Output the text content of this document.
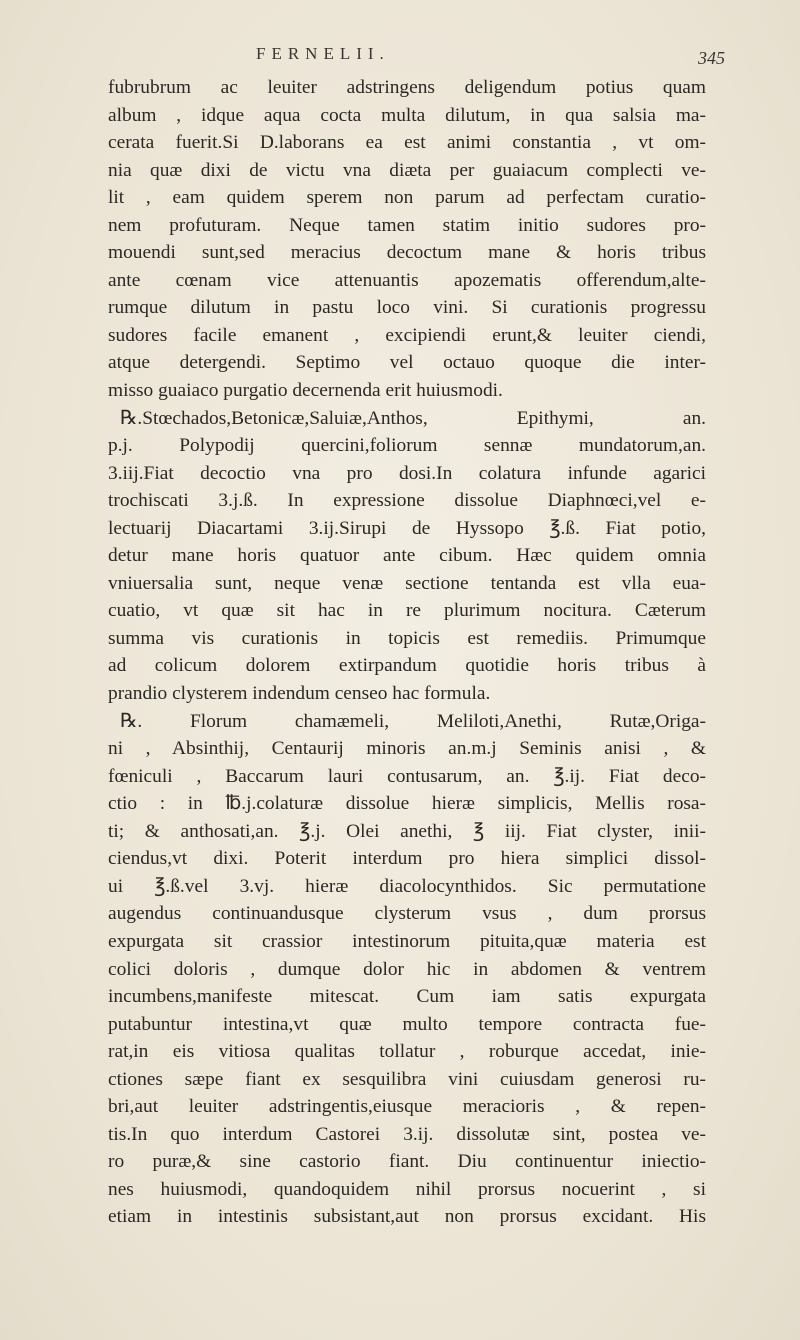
FERNELII.	345
fubrubrum ac leuiter adstringens deligendum potius quam
album , idque aqua cocta multa dilutum, in qua salsia ma-
cerata fuerit.Si D.laborans ea est animi constantia , vt om-
nia quæ dixi de victu vna diæta per guaiacum complecti ve-
lit , eam quidem sperem non parum ad perfectam curatio-
nem profuturam. Neque tamen statim initio sudores pro-
mouendi sunt,sed meracius decoctum mane & horis tribus
ante cœnam vice attenuantis apozematis offerendum,alte-
rumque dilutum in pastu loco vini. Si curationis progressu
sudores facile emanent , excipiendi erunt,& leuiter ciendi,
atque detergendi. Septimo vel octauo quoque die inter-
misso guaiaco purgatio decernenda erit huiusmodi.
℞.Stœchados,Betonicæ,Saluiæ,Anthos, Epithymi, an.
p.j. Polypodij quercini,foliorum sennæ mundatorum,an.
3.iij.Fiat decoctio vna pro dosi.In colatura infunde agarici
trochiscati 3.j.ß. In expressione dissolue Diaphnœci,vel e-
lectuarij Diacartami 3.ij.Sirupi de Hyssopo ℥.ß. Fiat potio,
detur mane horis quatuor ante cibum. Hæc quidem omnia
vniuersalia sunt, neque venæ sectione tentanda est vlla eua-
cuatio, vt quæ sit hac in re plurimum nocitura. Cæterum
summa vis curationis in topicis est remediis. Primumque
ad colicum dolorem extirpandum quotidie horis tribus à
prandio clysterem indendum censeo hac formula.
℞. Florum chamæmeli, Meliloti,Anethi, Rutæ,Origa-
ni , Absinthij, Centaurij minoris an.m.j Seminis anisi , &
fœniculi , Baccarum lauri contusarum, an. ℥.ij. Fiat deco-
ctio : in ℔.j.colaturæ dissolue hieræ simplicis, Mellis rosa-
ti; & anthosati,an. ℥.j. Olei anethi, ℥ iij. Fiat clyster, inii-
ciendus,vt dixi. Poterit interdum pro hiera simplici dissol-
ui ℥.ß.vel 3.vj. hieræ diacolocynthidos. Sic permutatione
augendus continuandusque clysterum vsus , dum prorsus
expurgata sit crassior intestinorum pituita,quæ materia est
colici doloris , dumque dolor hic in abdomen & ventrem
incumbens,manifeste mitescat. Cum iam satis expurgata
putabuntur intestina,vt quæ multo tempore contracta fue-
rat,in eis vitiosa qualitas tollatur , roburque accedat, inie-
ctiones sæpe fiant ex sesquilibra vini cuiusdam generosi ru-
bri,aut leuiter adstringentis,eiusque meracioris , & repen-
tis.In quo interdum Castorei 3.ij. dissolutæ sint, postea ve-
ro puræ,& sine castorio fiant. Diu continuentur iniectio-
nes huiusmodi, quandoquidem nihil prorsus nocuerint , si
etiam in intestinis subsistant,aut non prorsus excidant. His
